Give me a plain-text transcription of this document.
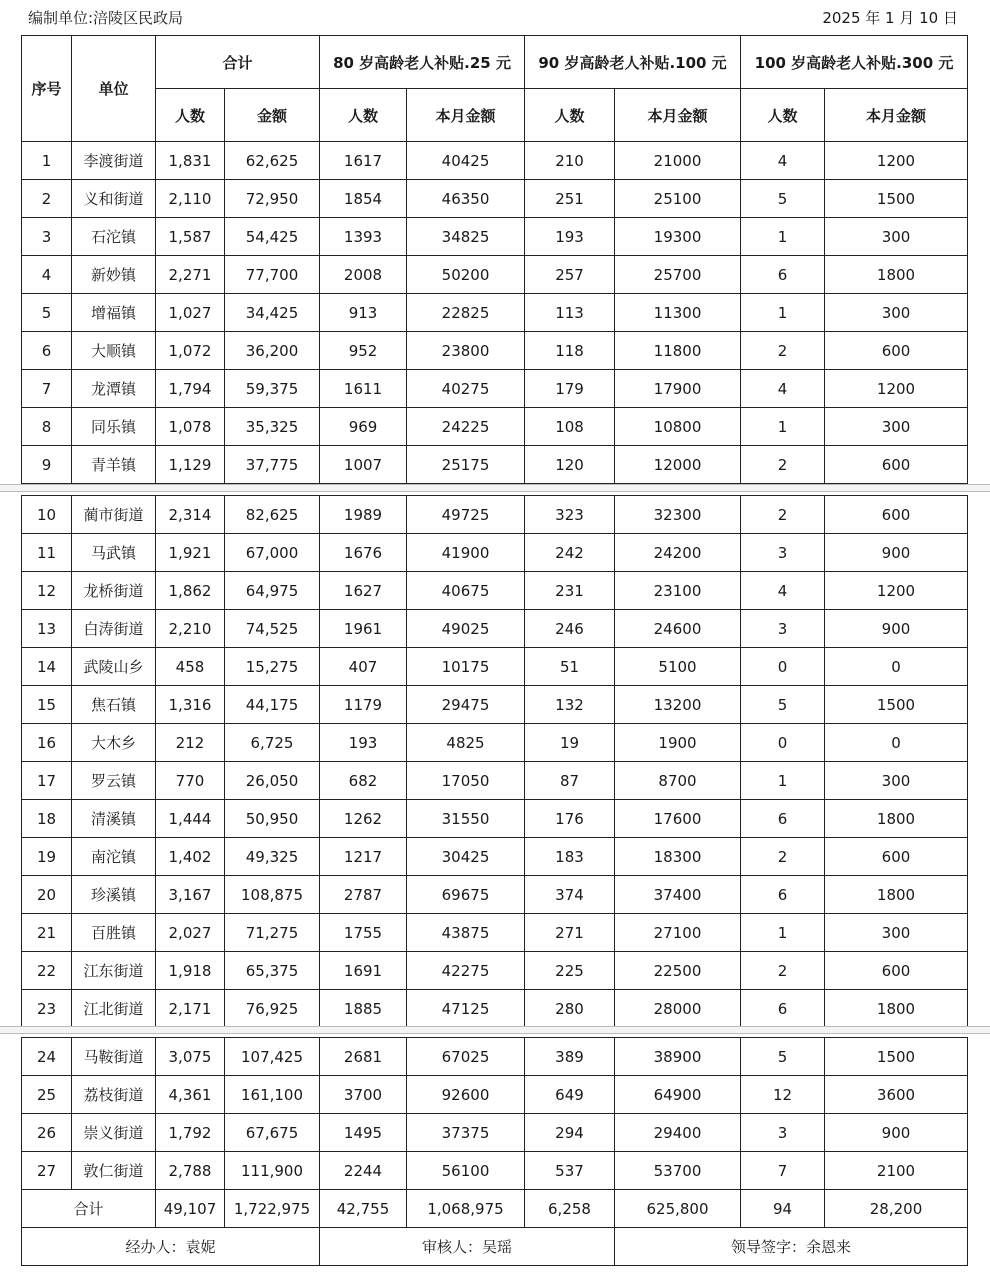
编制单位:涪陵区民政局	2025 年 1 月 10 日
序号	单位	合计		80 岁高龄老人补贴.25 元		90 岁高龄老人补贴.100 元		100 岁高龄老人补贴.300 元	
		人数	金额	人数	本月金额	人数	本月金额	人数	本月金额
1	李渡街道	1,831	62,625	1617	40425	210	21000	4	1200
2	义和街道	2,110	72,950	1854	46350	251	25100	5	1500
3	石沱镇	1,587	54,425	1393	34825	193	19300	1	300
4	新妙镇	2,271	77,700	2008	50200	257	25700	6	1800
5	增福镇	1,027	34,425	913	22825	113	11300	1	300
6	大顺镇	1,072	36,200	952	23800	118	11800	2	600
7	龙潭镇	1,794	59,375	1611	40275	179	17900	4	1200
8	同乐镇	1,078	35,325	969	24225	108	10800	1	300
9	青羊镇	1,129	37,775	1007	25175	120	12000	2	600
10	蔺市街道	2,314	82,625	1989	49725	323	32300	2	600
11	马武镇	1,921	67,000	1676	41900	242	24200	3	900
12	龙桥街道	1,862	64,975	1627	40675	231	23100	4	1200
13	白涛街道	2,210	74,525	1961	49025	246	24600	3	900
14	武陵山乡	458	15,275	407	10175	51	5100	0	0
15	焦石镇	1,316	44,175	1179	29475	132	13200	5	1500
16	大木乡	212	6,725	193	4825	19	1900	0	0
17	罗云镇	770	26,050	682	17050	87	8700	1	300
18	清溪镇	1,444	50,950	1262	31550	176	17600	6	1800
19	南沱镇	1,402	49,325	1217	30425	183	18300	2	600
20	珍溪镇	3,167	108,875	2787	69675	374	37400	6	1800
21	百胜镇	2,027	71,275	1755	43875	271	27100	1	300
22	江东街道	1,918	65,375	1691	42275	225	22500	2	600
23	江北街道	2,171	76,925	1885	47125	280	28000	6	1800
24	马鞍街道	3,075	107,425	2681	67025	389	38900	5	1500
25	荔枝街道	4,361	161,100	3700	92600	649	64900	12	3600
26	崇义街道	1,792	67,675	1495	37375	294	29400	3	900
27	敦仁街道	2,788	111,900	2244	56100	537	53700	7	2100
合计		49,107	1,722,975	42,755	1,068,975	6,258	625,800	94	28,200
经办人：袁妮				审核人：吴瑶			领导签字：余恩来		
